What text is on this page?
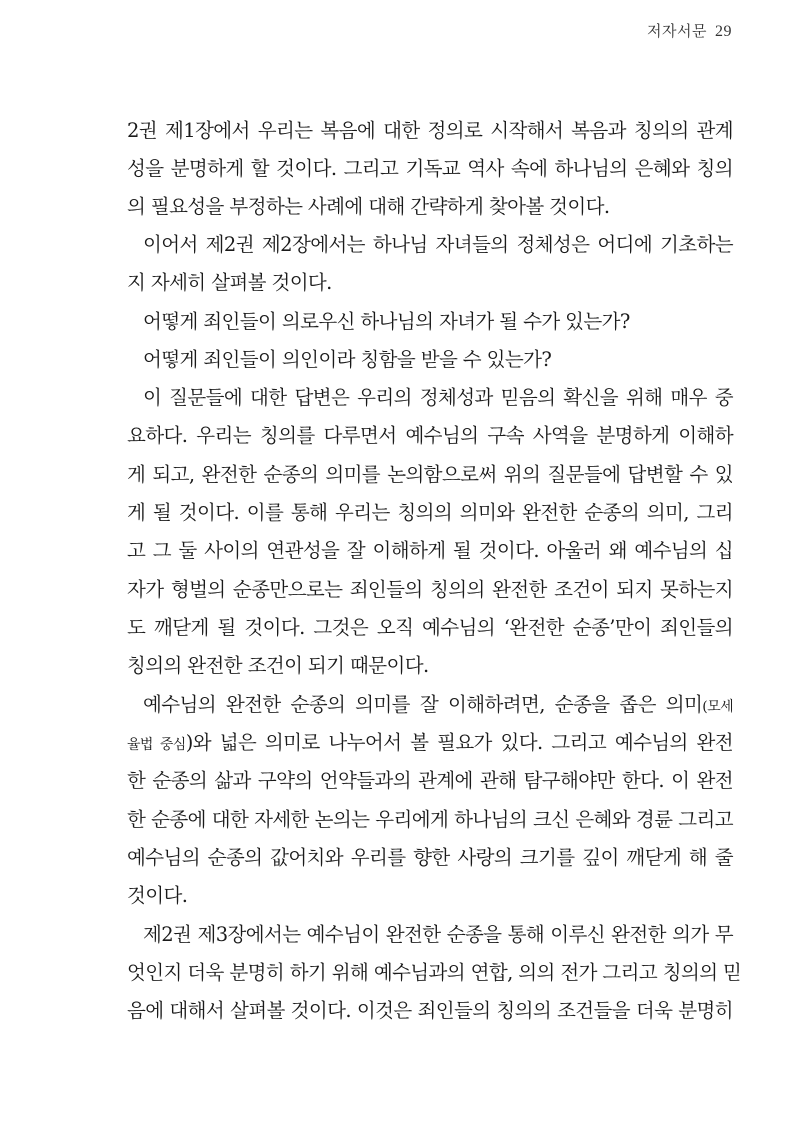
저자서문 29
2권 제1장에서 우리는 복음에 대한 정의로 시작해서 복음과 칭의의 관계
성을 분명하게 할 것이다. 그리고 기독교 역사 속에 하나님의 은혜와 칭의
의 필요성을 부정하는 사례에 대해 간략하게 찾아볼 것이다.
이어서 제2권 제2장에서는 하나님 자녀들의 정체성은 어디에 기초하는
지 자세히 살펴볼 것이다.
어떻게 죄인들이 의로우신 하나님의 자녀가 될 수가 있는가?
어떻게 죄인들이 의인이라 칭함을 받을 수 있는가?
이 질문들에 대한 답변은 우리의 정체성과 믿음의 확신을 위해 매우 중
요하다. 우리는 칭의를 다루면서 예수님의 구속 사역을 분명하게 이해하
게 되고, 완전한 순종의 의미를 논의함으로써 위의 질문들에 답변할 수 있
게 될 것이다. 이를 통해 우리는 칭의의 의미와 완전한 순종의 의미, 그리
고 그 둘 사이의 연관성을 잘 이해하게 될 것이다. 아울러 왜 예수님의 십
자가 형벌의 순종만으로는 죄인들의 칭의의 완전한 조건이 되지 못하는지
도 깨닫게 될 것이다. 그것은 오직 예수님의 ‘완전한 순종’만이 죄인들의
칭의의 완전한 조건이 되기 때문이다.
예수님의 완전한 순종의 의미를 잘 이해하려면, 순종을 좁은 의미(모세
율법 중심)와 넓은 의미로 나누어서 볼 필요가 있다. 그리고 예수님의 완전
한 순종의 삶과 구약의 언약들과의 관계에 관해 탐구해야만 한다. 이 완전
한 순종에 대한 자세한 논의는 우리에게 하나님의 크신 은혜와 경륜 그리고
예수님의 순종의 값어치와 우리를 향한 사랑의 크기를 깊이 깨닫게 해 줄
것이다.
제2권 제3장에서는 예수님이 완전한 순종을 통해 이루신 완전한 의가 무
엇인지 더욱 분명히 하기 위해 예수님과의 연합, 의의 전가 그리고 칭의의 믿
음에 대해서 살펴볼 것이다. 이것은 죄인들의 칭의의 조건들을 더욱 분명히
